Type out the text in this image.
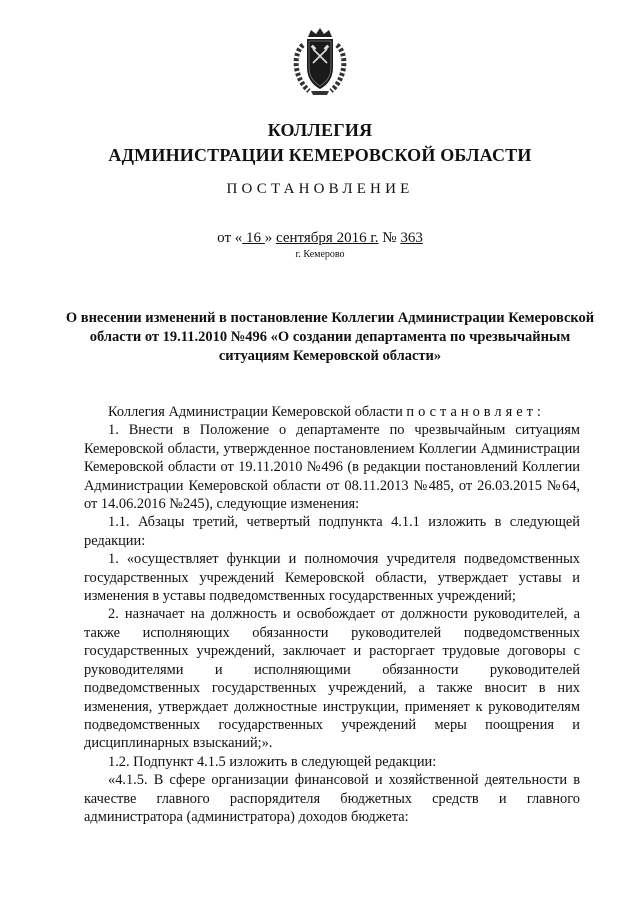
КОЛЛЕГИЯ
АДМИНИСТРАЦИИ КЕМЕРОВСКОЙ ОБЛАСТИ
ПОСТАНОВЛЕНИЕ
от « 16 » сентября 2016 г. № 363
г. Кемерово
О внесении изменений в постановление Коллегии Администрации Кемеровской области от 19.11.2010 №496 «О создании департамента по чрезвычайным ситуациям Кемеровской области»

Коллегия Администрации Кемеровской области постановляет:

1. Внести в Положение о департаменте по чрезвычайным ситуациям Кемеровской области, утвержденное постановлением Коллегии Администрации Кемеровской области от 19.11.2010 №496 (в редакции постановлений Коллегии Администрации Кемеровской области от 08.11.2013 №485, от 26.03.2015 №64, от 14.06.2016 №245), следующие изменения:

1.1. Абзацы третий, четвертый подпункта 4.1.1 изложить в следующей редакции:

1. «осуществляет функции и полномочия учредителя подведомственных государственных учреждений Кемеровской области, утверждает уставы и изменения в уставы подведомственных государственных учреждений;

2. назначает на должность и освобождает от должности руководителей, а также исполняющих обязанности руководителей подведомственных государственных учреждений, заключает и расторгает трудовые договоры с руководителями и исполняющими обязанности руководителей подведомственных государственных учреждений, а также вносит в них изменения, утверждает должностные инструкции, применяет к руководителям подведомственных государственных учреждений меры поощрения и дисциплинарных взысканий;».

1.2. Подпункт 4.1.5 изложить в следующей редакции:

«4.1.5. В сфере организации финансовой и хозяйственной деятельности в качестве главного распорядителя бюджетных средств и главного администратора (администратора) доходов бюджета:
